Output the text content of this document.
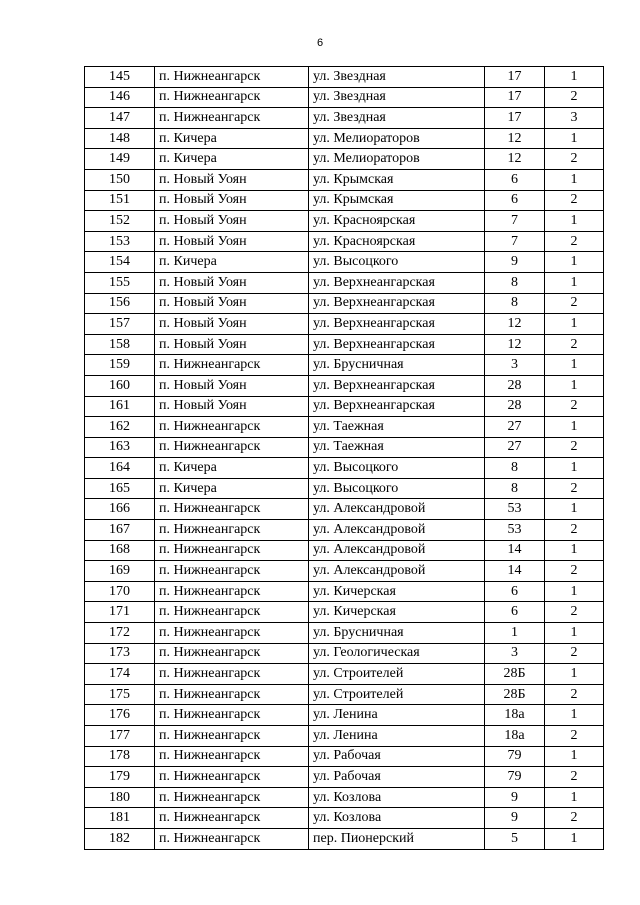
6
145	п. Нижнеангарск	ул. Звездная	17	1
146	п. Нижнеангарск	ул. Звездная	17	2
147	п. Нижнеангарск	ул. Звездная	17	3
148	п. Кичера	ул. Мелиораторов	12	1
149	п. Кичера	ул. Мелиораторов	12	2
150	п. Новый Уоян	ул. Крымская	6	1
151	п. Новый Уоян	ул. Крымская	6	2
152	п. Новый Уоян	ул. Красноярская	7	1
153	п. Новый Уоян	ул. Красноярская	7	2
154	п. Кичера	ул. Высоцкого	9	1
155	п. Новый Уоян	ул. Верхнеангарская	8	1
156	п. Новый Уоян	ул. Верхнеангарская	8	2
157	п. Новый Уоян	ул. Верхнеангарская	12	1
158	п. Новый Уоян	ул. Верхнеангарская	12	2
159	п. Нижнеангарск	ул. Брусничная	3	1
160	п. Новый Уоян	ул. Верхнеангарская	28	1
161	п. Новый Уоян	ул. Верхнеангарская	28	2
162	п. Нижнеангарск	ул. Таежная	27	1
163	п. Нижнеангарск	ул. Таежная	27	2
164	п. Кичера	ул. Высоцкого	8	1
165	п. Кичера	ул. Высоцкого	8	2
166	п. Нижнеангарск	ул. Александровой	53	1
167	п. Нижнеангарск	ул. Александровой	53	2
168	п. Нижнеангарск	ул. Александровой	14	1
169	п. Нижнеангарск	ул. Александровой	14	2
170	п. Нижнеангарск	ул. Кичерская	6	1
171	п. Нижнеангарск	ул. Кичерская	6	2
172	п. Нижнеангарск	ул. Брусничная	1	1
173	п. Нижнеангарск	ул. Геологическая	3	2
174	п. Нижнеангарск	ул. Строителей	28Б	1
175	п. Нижнеангарск	ул. Строителей	28Б	2
176	п. Нижнеангарск	ул. Ленина	18а	1
177	п. Нижнеангарск	ул. Ленина	18а	2
178	п. Нижнеангарск	ул. Рабочая	79	1
179	п. Нижнеангарск	ул. Рабочая	79	2
180	п. Нижнеангарск	ул. Козлова	9	1
181	п. Нижнеангарск	ул. Козлова	9	2
182	п. Нижнеангарск	пер. Пионерский	5	1
